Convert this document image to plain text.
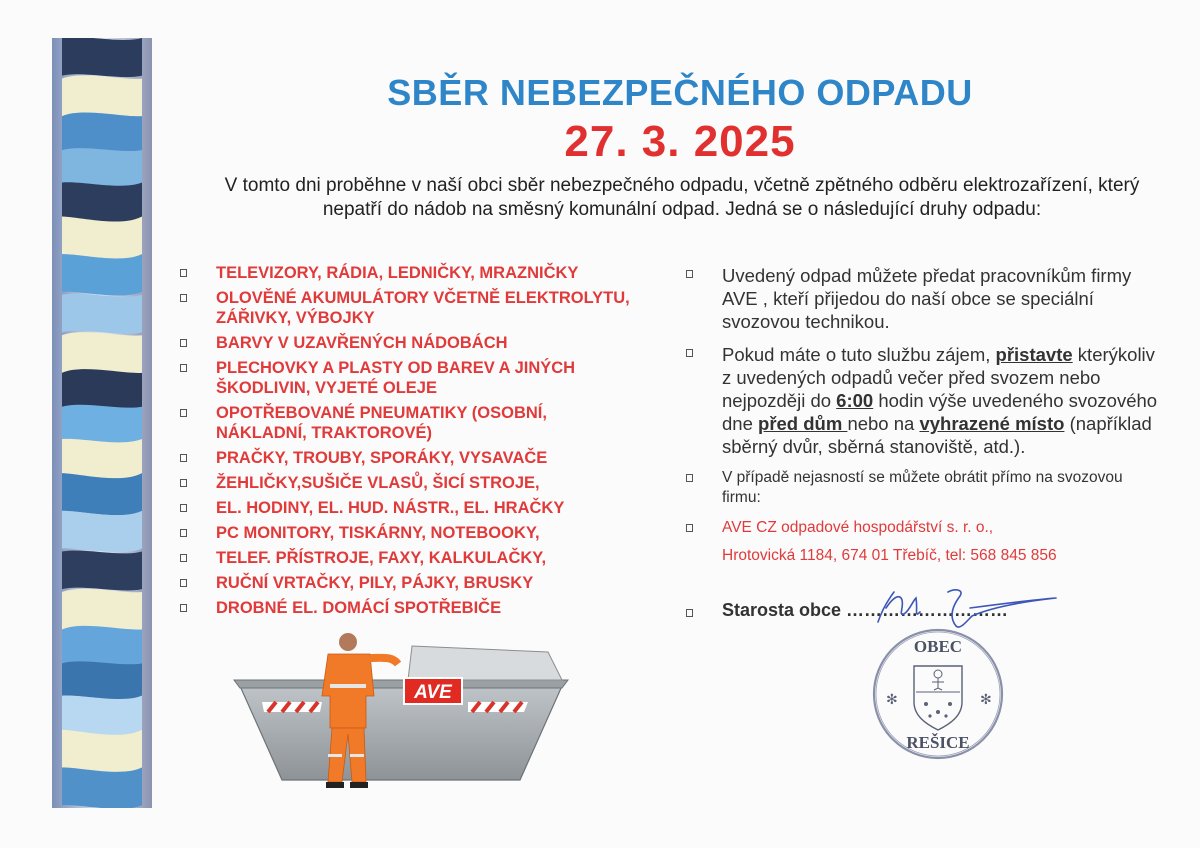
SBĚR NEBEZPEČNÉHO ODPADU
27. 3. 2025
V tomto dni proběhne v naší obci sběr nebezpečného odpadu, včetně zpětného odběru elektrozařízení, který
nepatří do nádob na směsný komunální odpad. Jedná se o následující druhy odpadu:
TELEVIZORY, RÁDIA, LEDNIČKY, MRAZNIČKY
OLOVĚNÉ AKUMULÁTORY VČETNĚ ELEKTROLYTU, ZÁŘIVKY, VÝBOJKY
BARVY V UZAVŘENÝCH NÁDOBÁCH
PLECHOVKY A PLASTY OD BAREV A JINÝCH ŠKODLIVIN, VYJETÉ OLEJE
OPOTŘEBOVANÉ PNEUMATIKY (OSOBNÍ, NÁKLADNÍ, TRAKTOROVÉ)
PRAČKY, TROUBY, SPORÁKY, VYSAVAČE
ŽEHLIČKY,SUŠIČE VLASŮ, ŠICÍ STROJE,
EL. HODINY, EL. HUD. NÁSTR., EL. HRAČKY
PC MONITORY, TISKÁRNY, NOTEBOOKY,
TELEF. PŘÍSTROJE, FAXY, KALKULAČKY,
RUČNÍ VRTAČKY, PILY, PÁJKY, BRUSKY
DROBNÉ EL. DOMÁCÍ SPOTŘEBIČE
Uvedený odpad můžete předat pracovníkům firmy AVE , kteří přijedou do naší obce se speciální svozovou technikou.
Pokud máte o tuto službu zájem, přistavte kterýkoliv z uvedených odpadů večer před svozem nebo nejpozději do 6:00 hodin výše uvedeného svozového dne před dům nebo na vyhrazené místo (například sběrný dvůr, sběrná stanoviště, atd.).
V případě nejasností se můžete obrátit přímo na svozovou firmu:
AVE CZ odpadové hospodářství s. r. o.,
Hrotovická 1184, 674 01 Třebíč, tel: 568 845 856
Starosta obce ………………………
OBEC
REŠICE
✻	✻
AVE
